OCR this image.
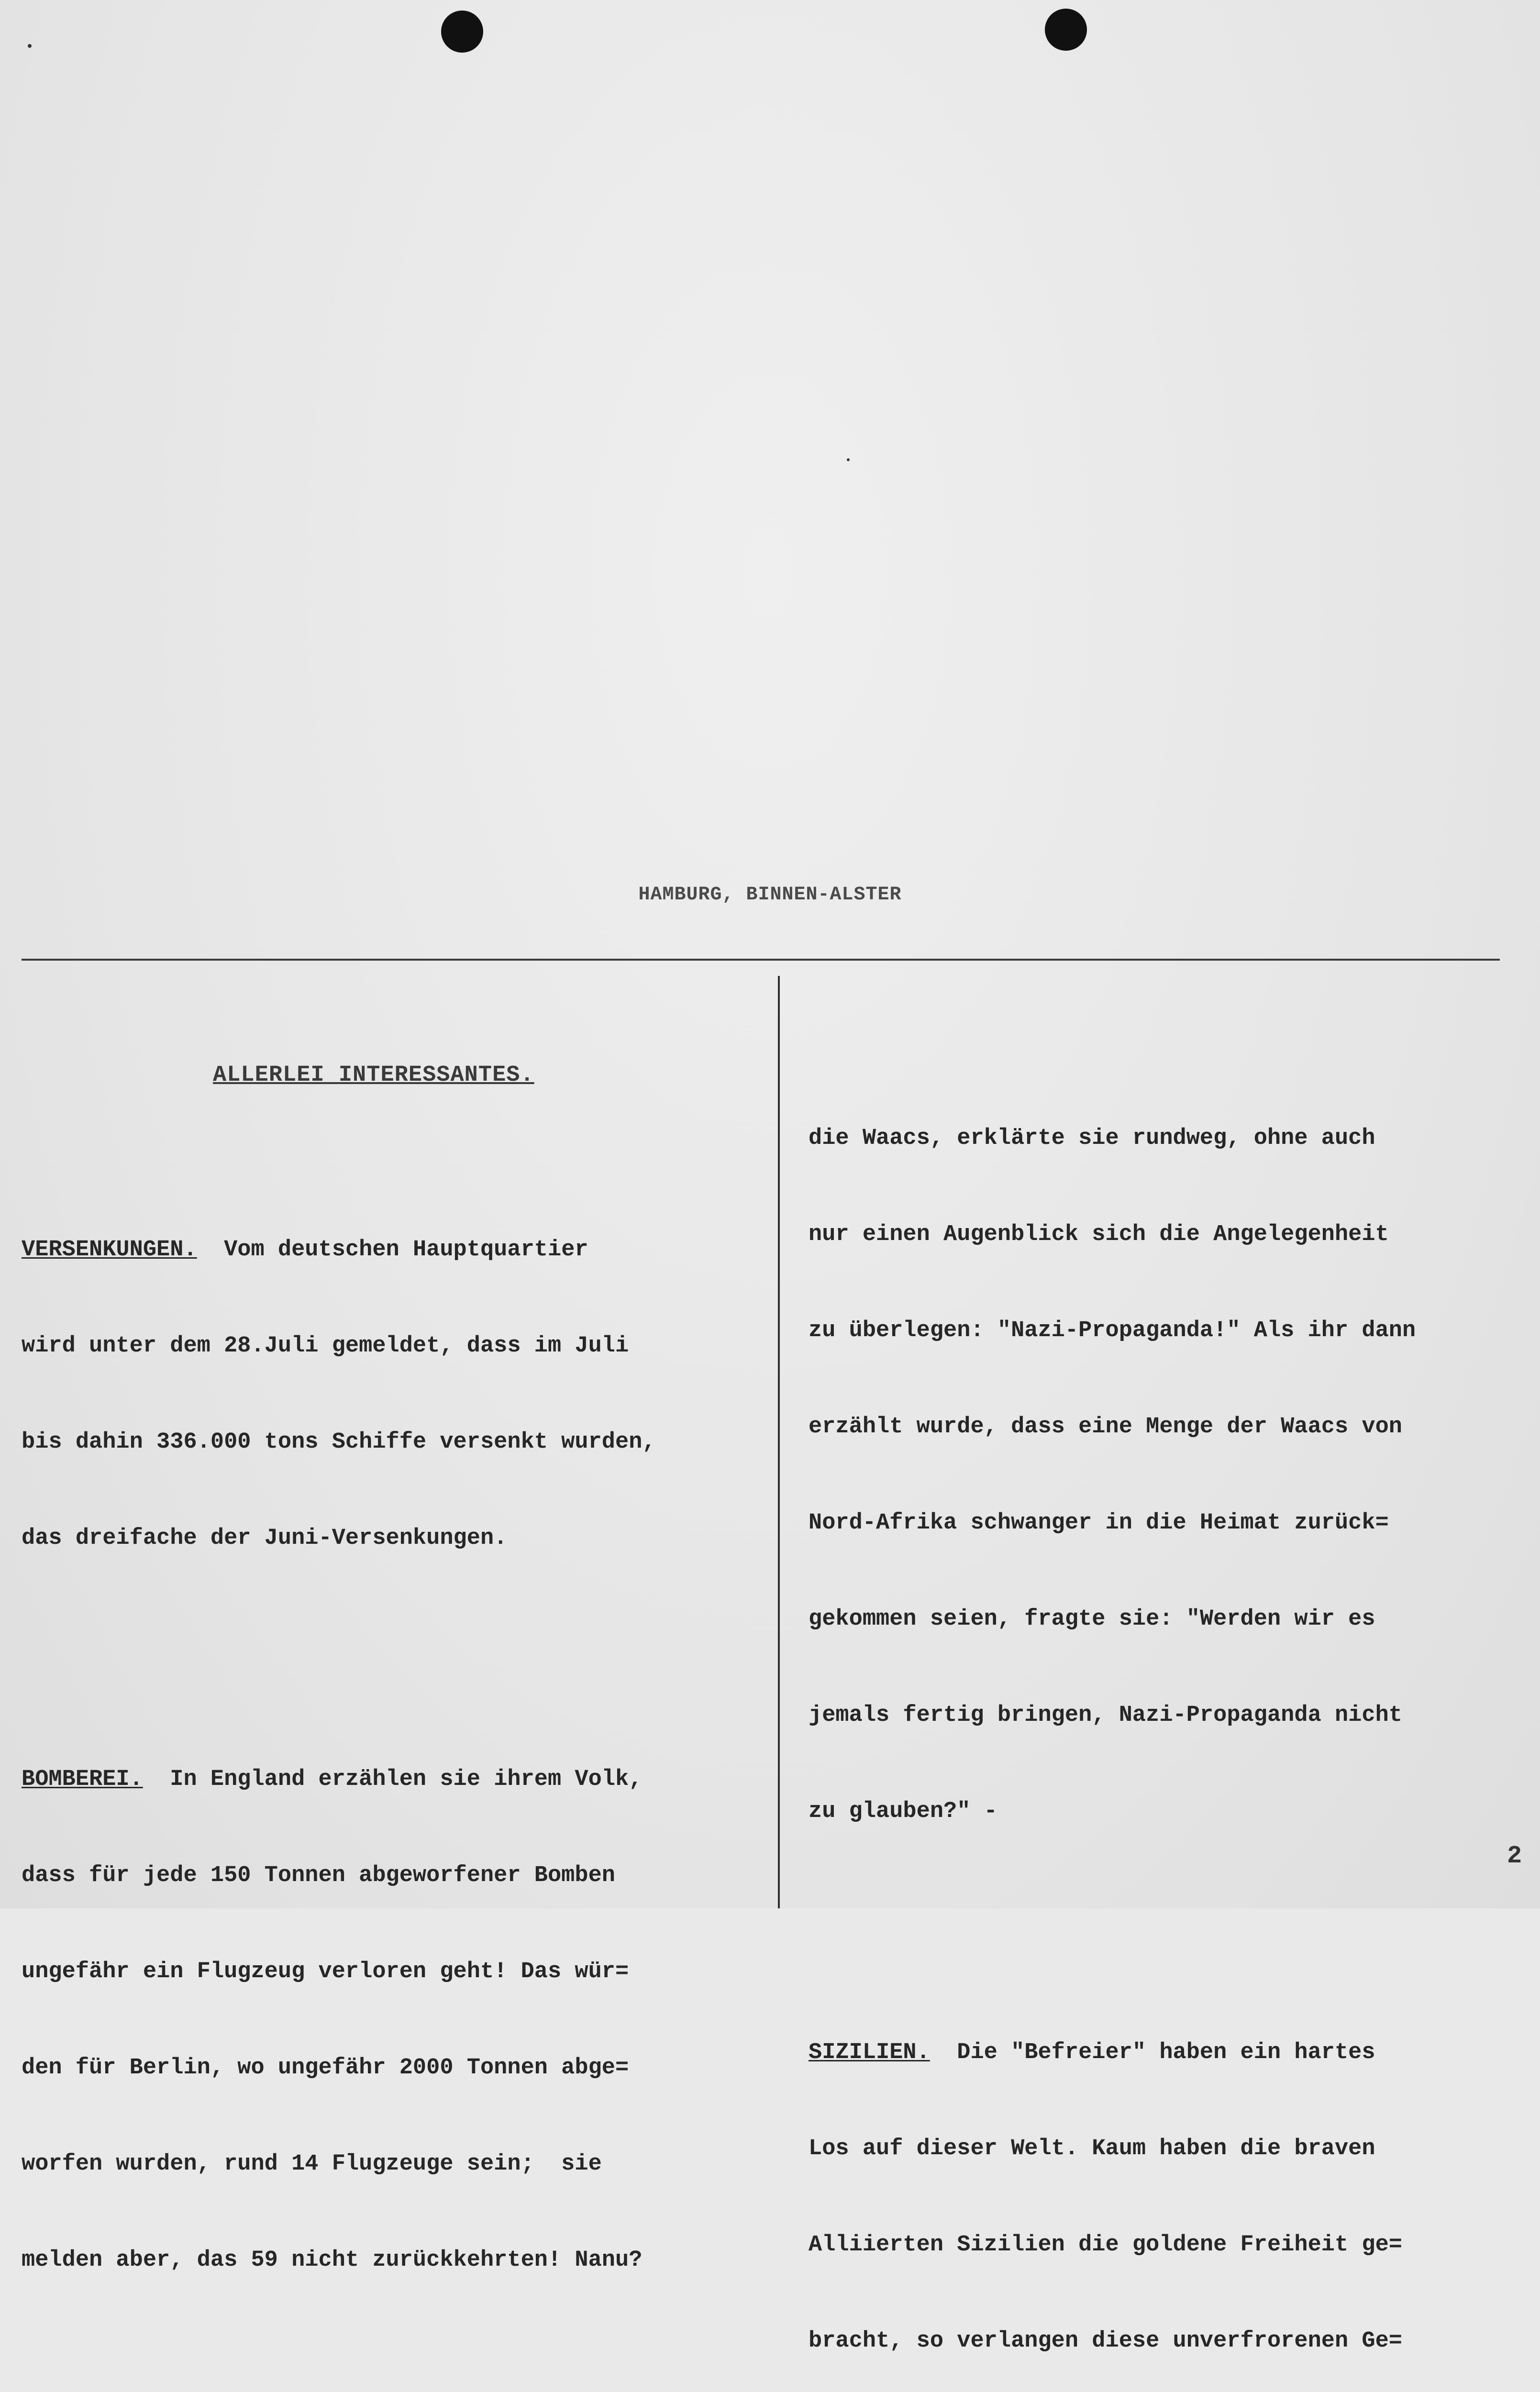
HAMBURG, BINNEN-ALSTER

ALLERLEI INTERESSANTES.

VERSENKUNGEN.  Vom deutschen Hauptquartier

wird unter dem 28.Juli gemeldet, dass im Juli

bis dahin 336.000 tons Schiffe versenkt wurden,

das dreifache der Juni-Versenkungen.

BOMBEREI.  In England erzählen sie ihrem Volk,

dass für jede 150 Tonnen abgeworfener Bomben

ungefähr ein Flugzeug verloren geht! Das wür=

den für Berlin, wo ungefähr 2000 Tonnen abge=

worfen wurden, rund 14 Flugzeuge sein;  sie

melden aber, das 59 nicht zurückkehrten! Nanu?

die Waacs, erklärte sie rundweg, ohne auch

nur einen Augenblick sich die Angelegenheit

zu überlegen: "Nazi-Propaganda!" Als ihr dann

erzählt wurde, dass eine Menge der Waacs von

Nord-Afrika schwanger in die Heimat zurück=

gekommen seien, fragte sie: "Werden wir es

jemals fertig bringen, Nazi-Propaganda nicht

zu glauben?" -

SIZILIEN.  Die "Befreier" haben ein hartes

Los auf dieser Welt. Kaum haben die braven

Alliierten Sizilien die goldene Freiheit ge=

bracht, so verlangen diese unverfrorenen Ge=

2
